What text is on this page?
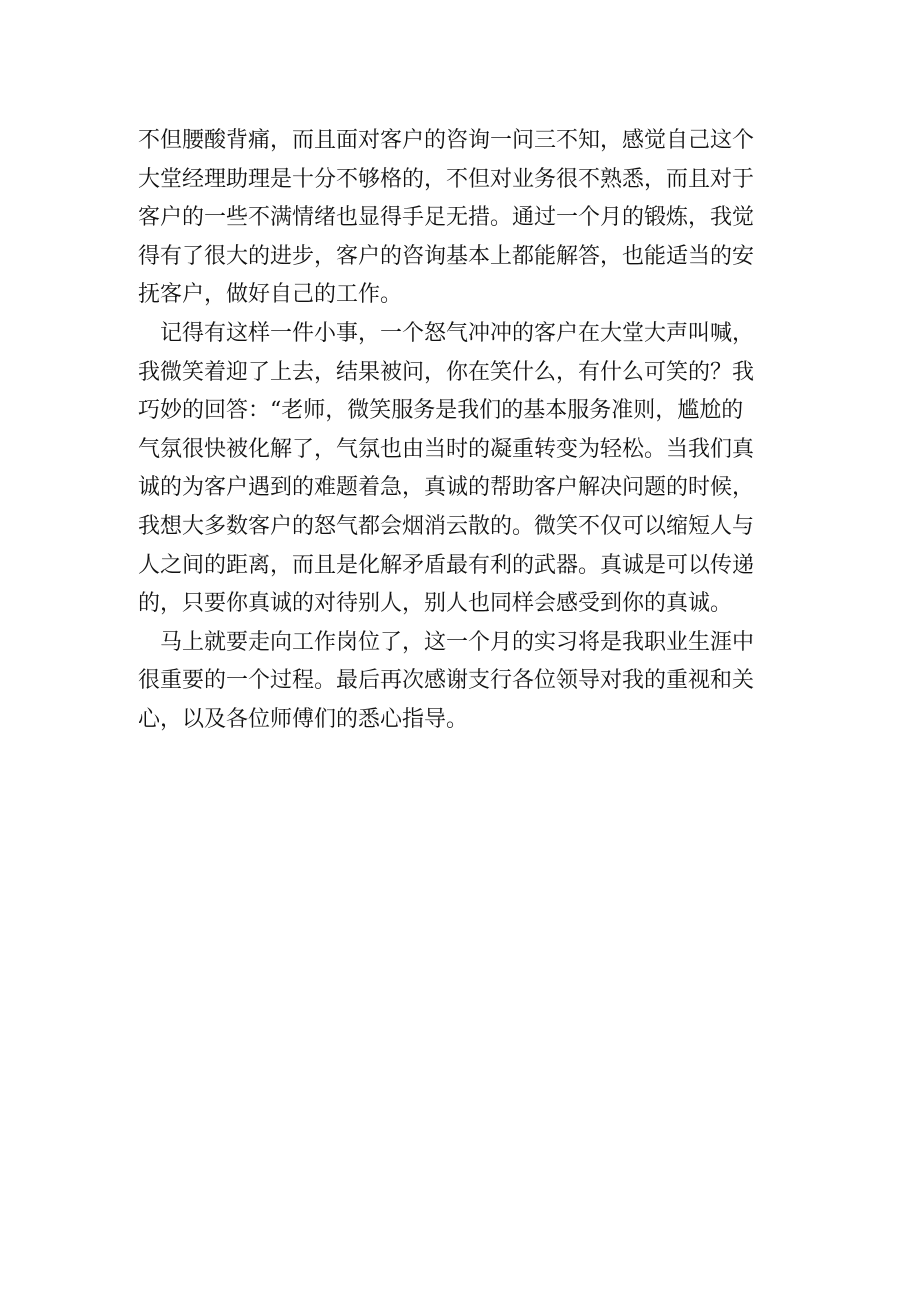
不但腰酸背痛，而且面对客户的咨询一问三不知，感觉自己这个
大堂经理助理是十分不够格的，不但对业务很不熟悉，而且对于
客户的一些不满情绪也显得手足无措。通过一个月的锻炼，我觉
得有了很大的进步，客户的咨询基本上都能解答，也能适当的安
抚客户，做好自己的工作。

记得有这样一件小事，一个怒气冲冲的客户在大堂大声叫喊，
我微笑着迎了上去，结果被问，你在笑什么，有什么可笑的？我
巧妙的回答：“老师，微笑服务是我们的基本服务准则，尴尬的
气氛很快被化解了，气氛也由当时的凝重转变为轻松。当我们真
诚的为客户遇到的难题着急，真诚的帮助客户解决问题的时候，
我想大多数客户的怒气都会烟消云散的。微笑不仅可以缩短人与
人之间的距离，而且是化解矛盾最有利的武器。真诚是可以传递
的，只要你真诚的对待别人，别人也同样会感受到你的真诚。

马上就要走向工作岗位了，这一个月的实习将是我职业生涯中
很重要的一个过程。最后再次感谢支行各位领导对我的重视和关
心，以及各位师傅们的悉心指导。
